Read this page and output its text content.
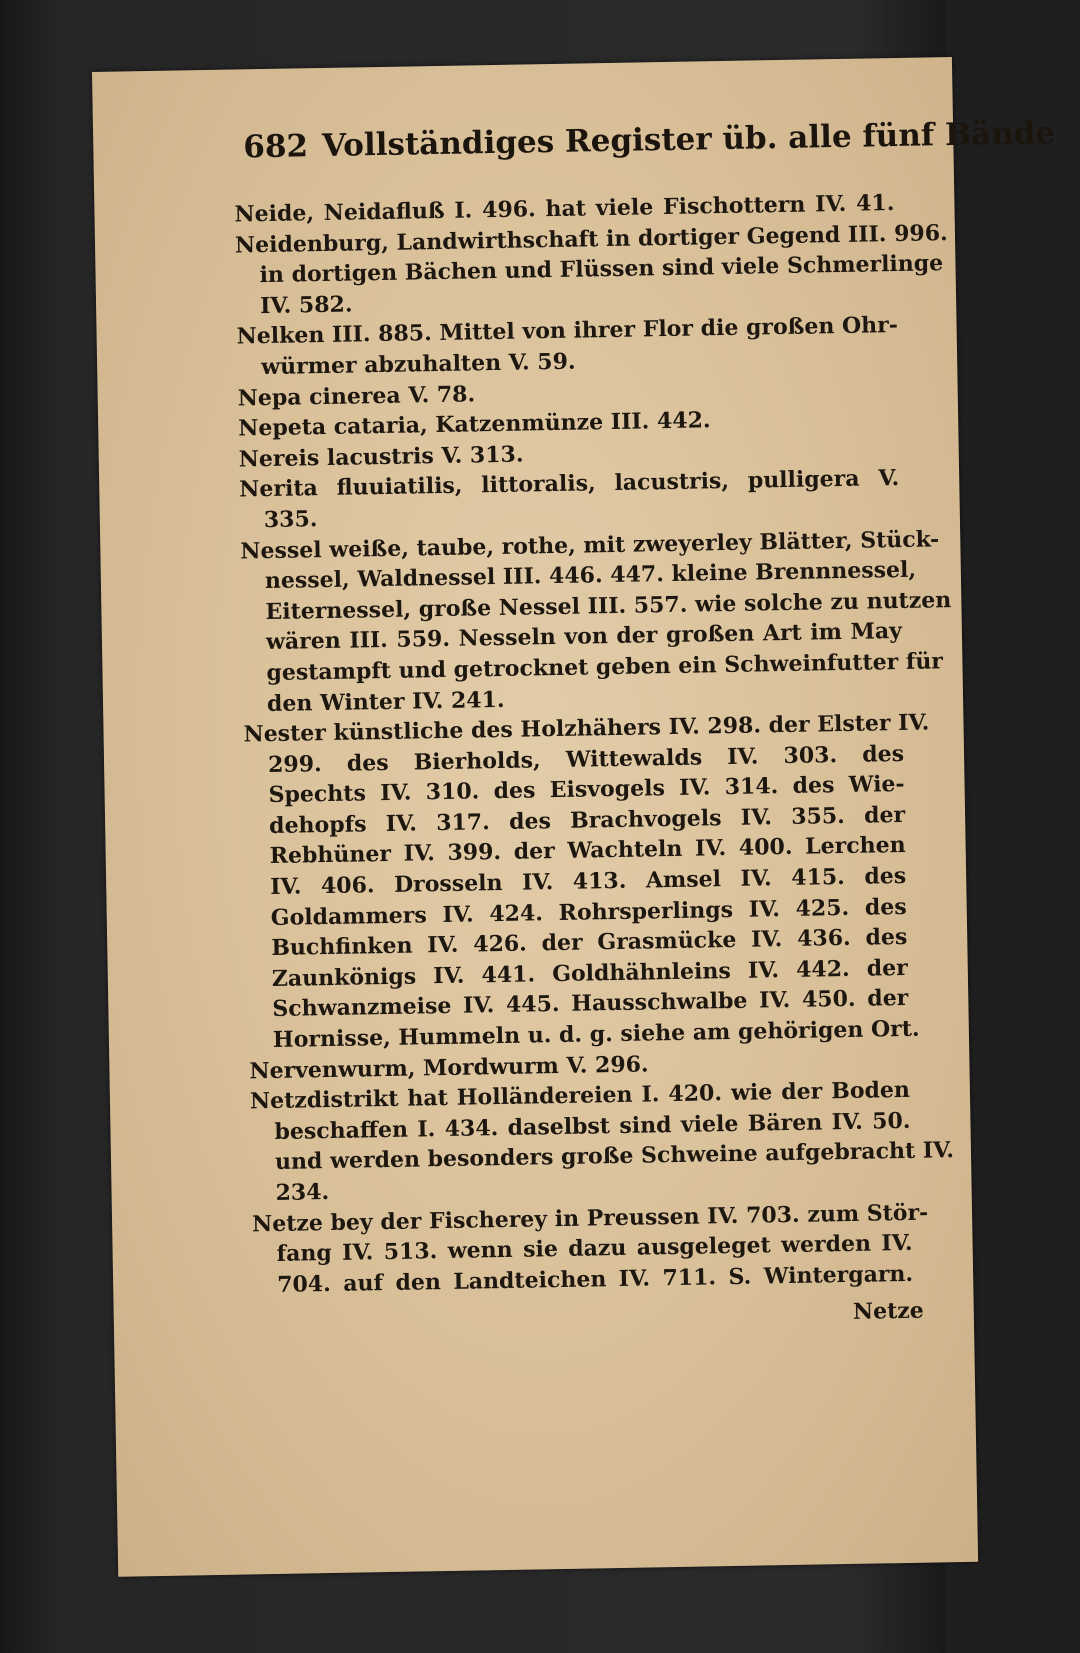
682 Vollständiges Register üb. alle fünf Bände
Neide, Neidafluß I. 496. hat viele Fischottern IV. 41.
Neidenburg, Landwirthschaft in dortiger Gegend III. 996.
in dortigen Bächen und Flüssen sind viele Schmerlinge
IV. 582.
Nelken III. 885. Mittel von ihrer Flor die großen Ohr-
würmer abzuhalten V. 59.
Nepa cinerea V. 78.
Nepeta cataria, Katzenmünze III. 442.
Nereis lacustris V. 313.
Nerita fluuiatilis, littoralis, lacustris, pulligera V.
335.
Nessel weiße, taube, rothe, mit zweyerley Blätter, Stück-
nessel, Waldnessel III. 446. 447. kleine Brennnessel,
Eiternessel, große Nessel III. 557. wie solche zu nutzen
wären III. 559. Nesseln von der großen Art im May
gestampft und getrocknet geben ein Schweinfutter für
den Winter IV. 241.
Nester künstliche des Holzhähers IV. 298. der Elster IV.
299. des Bierholds, Wittewalds IV. 303. des
Spechts IV. 310. des Eisvogels IV. 314. des Wie-
dehopfs IV. 317. des Brachvogels IV. 355. der
Rebhüner IV. 399. der Wachteln IV. 400. Lerchen
IV. 406. Drosseln IV. 413. Amsel IV. 415. des
Goldammers IV. 424. Rohrsperlings IV. 425. des
Buchfinken IV. 426. der Grasmücke IV. 436. des
Zaunkönigs IV. 441. Goldhähnleins IV. 442. der
Schwanzmeise IV. 445. Hausschwalbe IV. 450. der
Hornisse, Hummeln u. d. g. siehe am gehörigen Ort.
Nervenwurm, Mordwurm V. 296.
Netzdistrikt hat Holländereien I. 420. wie der Boden
beschaffen I. 434. daselbst sind viele Bären IV. 50.
und werden besonders große Schweine aufgebracht IV.
234.
Netze bey der Fischerey in Preussen IV. 703. zum Stör-
fang IV. 513. wenn sie dazu ausgeleget werden IV.
704. auf den Landteichen IV. 711. S. Wintergarn.
Netze
